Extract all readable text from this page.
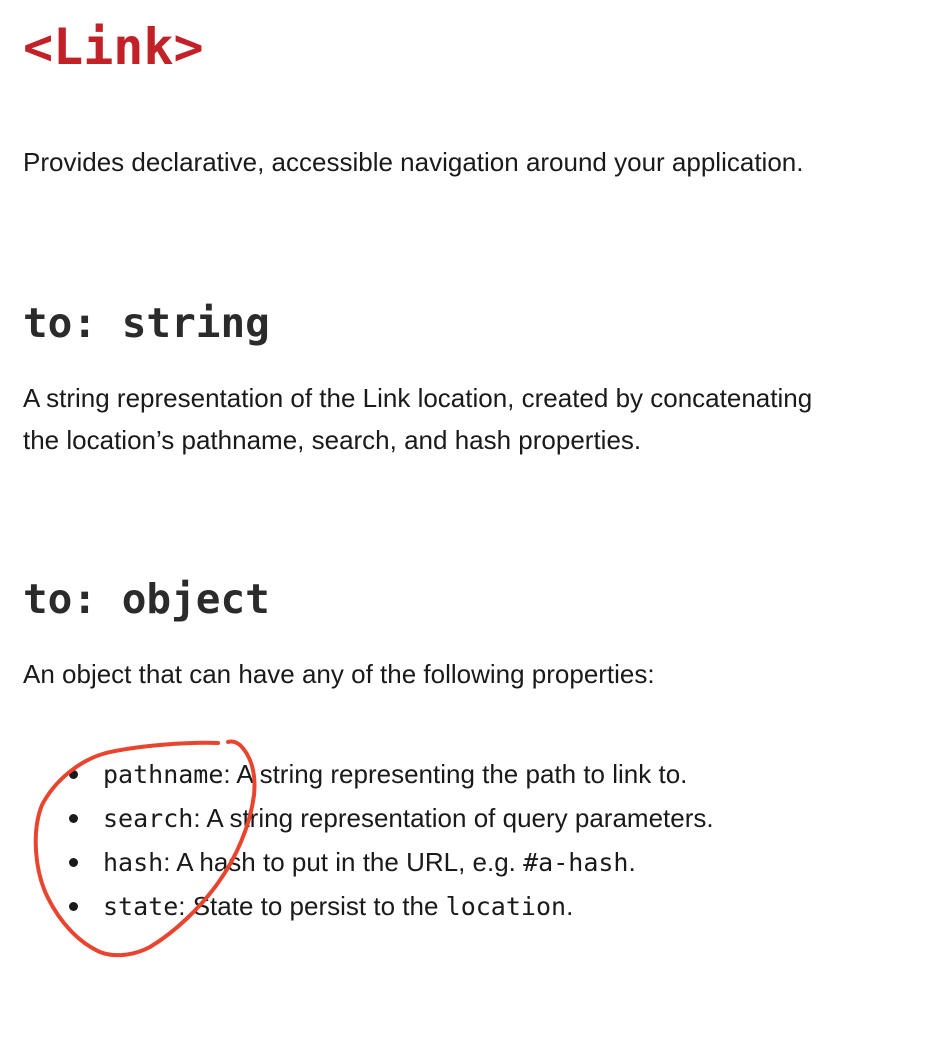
<Link>

Provides declarative, accessible navigation around your application.

to: string

A string representation of the Link location, created by concatenating
the location’s pathname, search, and hash properties.

to: object

An object that can have any of the following properties:

pathname: A string representing the path to link to.
search: A string representation of query parameters.
hash: A hash to put in the URL, e.g. #a-hash.
state: State to persist to the location.
